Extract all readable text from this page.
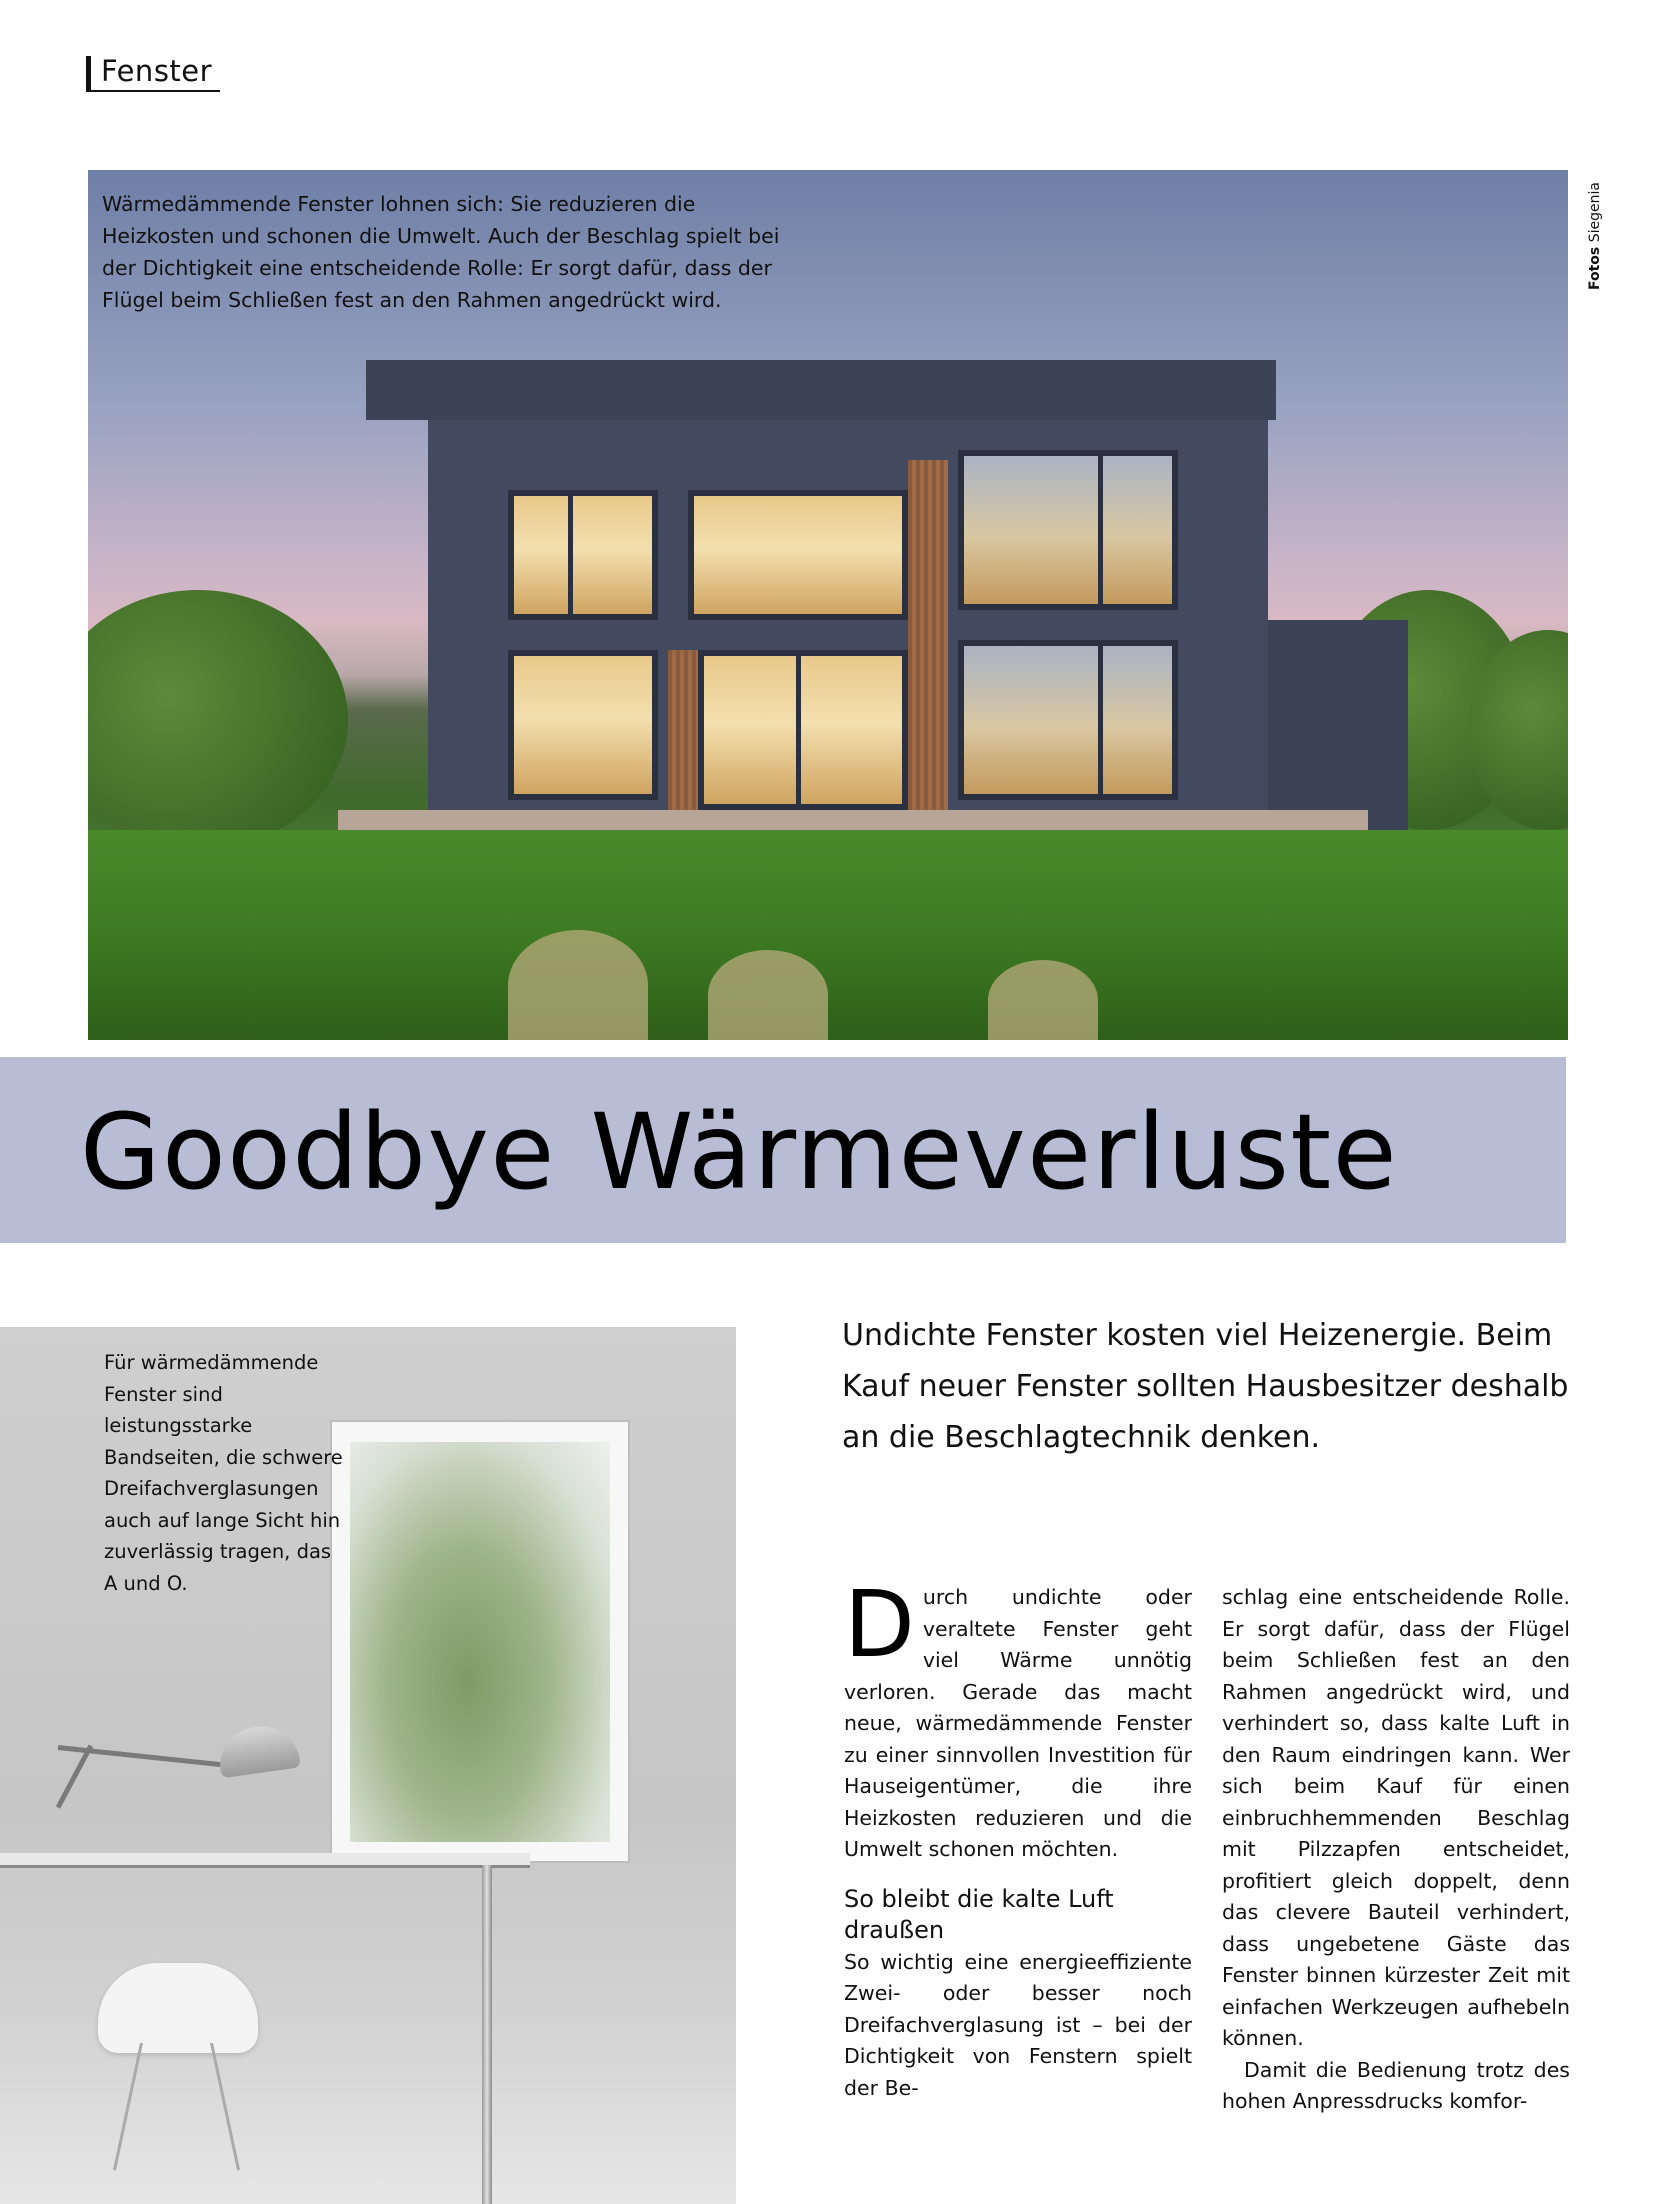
Fenster
Fotos Siegenia
Wärmedämmende Fenster lohnen sich: Sie reduzieren die Heizkosten und schonen die Umwelt. Auch der Beschlag spielt bei der Dichtigkeit eine entscheidende Rolle: Er sorgt dafür, dass der Flügel beim Schließen fest an den Rahmen angedrückt wird.
Goodbye Wärmeverluste
Für wärmedämmende Fenster sind leistungsstarke Bandseiten, die schwere Dreifachverglasungen auch auf lange Sicht hin zuverlässig tragen, das A und O.

Undichte Fenster kosten viel Heizenergie. Beim Kauf neuer Fenster sollten Hausbesitzer deshalb an die Beschlagtechnik denken.

Durch undichte oder veraltete Fenster geht viel Wärme unnötig verloren. Gerade das macht neue, wärmedämmende Fenster zu einer sinnvollen Investition für Hauseigentümer, die ihre Heizkosten reduzieren und die Umwelt schonen möchten.

So bleibt die kalte Luft draußen

So wichtig eine energieeffiziente Zwei- oder besser noch Dreifachverglasung ist – bei der Dichtigkeit von Fenstern spielt der Be-

schlag eine entscheidende Rolle. Er sorgt dafür, dass der Flügel beim Schließen fest an den Rahmen angedrückt wird, und verhindert so, dass kalte Luft in den Raum eindringen kann. Wer sich beim Kauf für einen einbruchhemmenden Beschlag mit Pilzzapfen entscheidet, profitiert gleich doppelt, denn das clevere Bauteil verhindert, dass ungebetene Gäste das Fenster binnen kürzester Zeit mit einfachen Werkzeugen aufhebeln können.

Damit die Bedienung trotz des hohen Anpressdrucks komfor-
